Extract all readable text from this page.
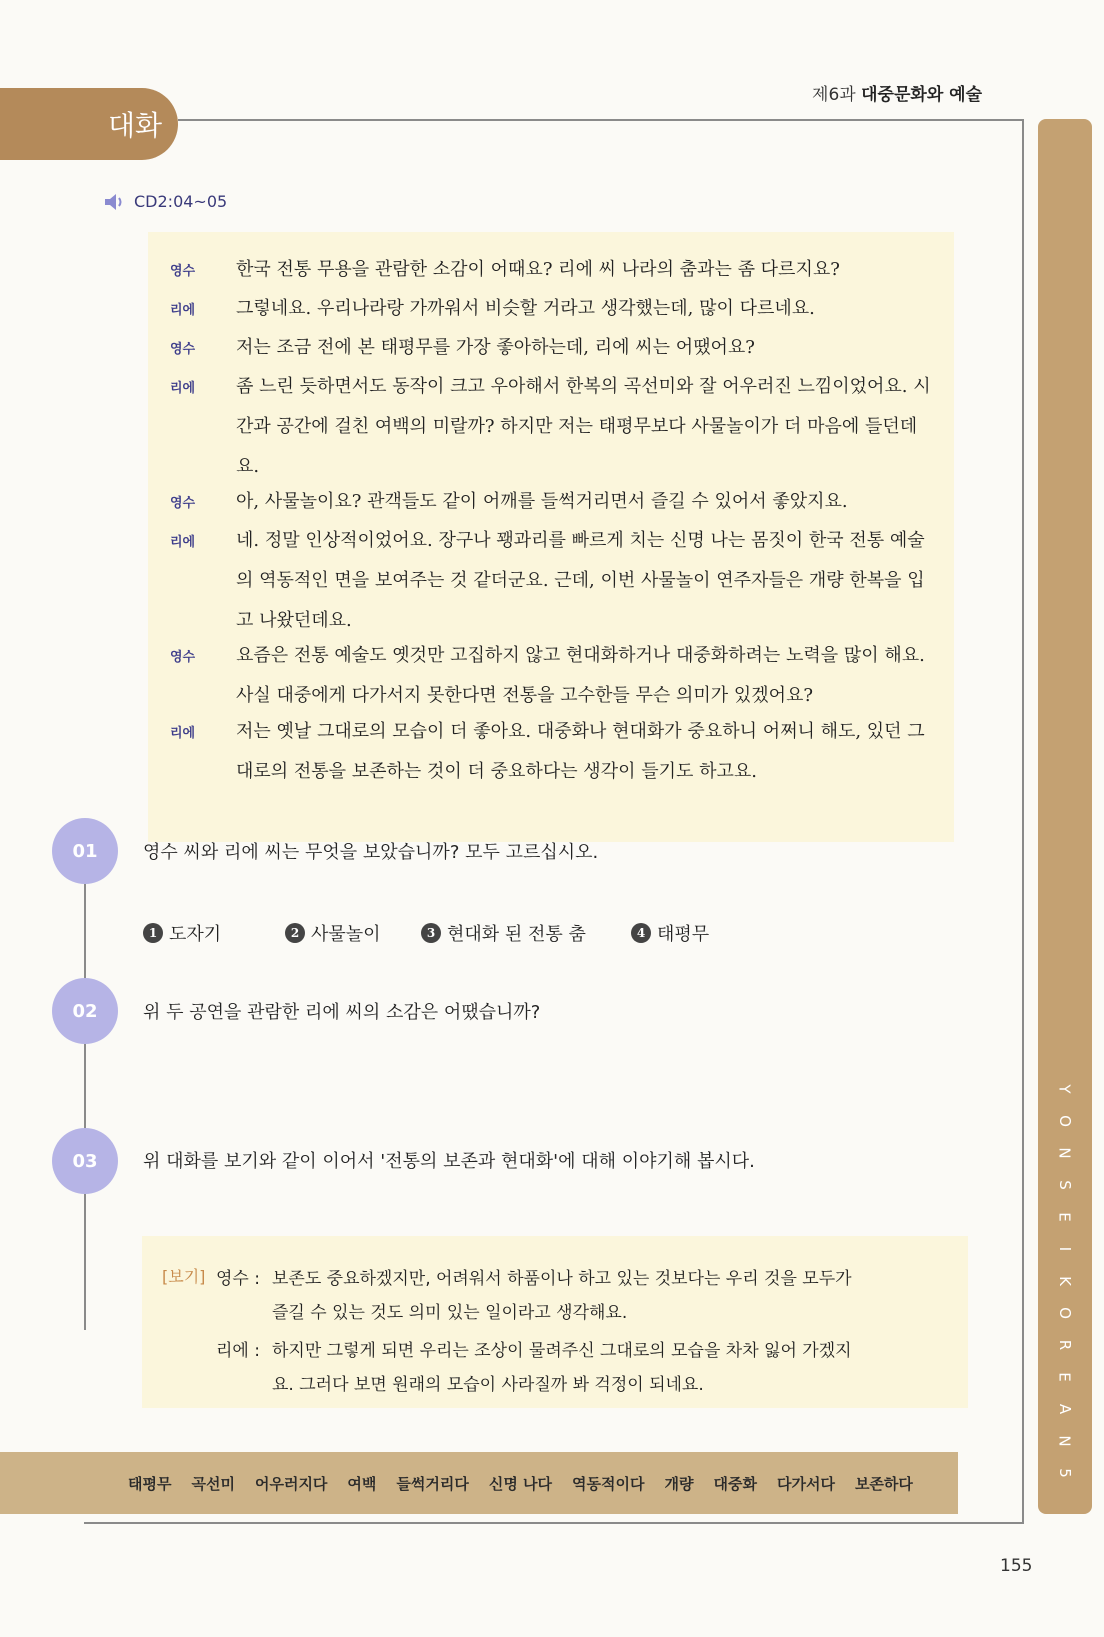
제6과 대중문화와 예술
대화
CD2:04~05
영수 한국 전통 무용을 관람한 소감이 어때요? 리에 씨 나라의 춤과는 좀 다르지요?
리에 그렇네요. 우리나라랑 가까워서 비슷할 거라고 생각했는데, 많이 다르네요.
영수 저는 조금 전에 본 태평무를 가장 좋아하는데, 리에 씨는 어땠어요?
리에 좀 느린 듯하면서도 동작이 크고 우아해서 한복의 곡선미와 잘 어우러진 느낌이었어요. 시간과 공간에 걸친 여백의 미랄까? 하지만 저는 태평무보다 사물놀이가 더 마음에 들던데요.
영수 아, 사물놀이요? 관객들도 같이 어깨를 들썩거리면서 즐길 수 있어서 좋았지요.
리에 네. 정말 인상적이었어요. 장구나 꽹과리를 빠르게 치는 신명 나는 몸짓이 한국 전통 예술의 역동적인 면을 보여주는 것 같더군요. 근데, 이번 사물놀이 연주자들은 개량 한복을 입고 나왔던데요.
영수 요즘은 전통 예술도 옛것만 고집하지 않고 현대화하거나 대중화하려는 노력을 많이 해요. 사실 대중에게 다가서지 못한다면 전통을 고수한들 무슨 의미가 있겠어요?
리에 저는 옛날 그대로의 모습이 더 좋아요. 대중화나 현대화가 중요하니 어쩌니 해도, 있던 그대로의 전통을 보존하는 것이 더 중요하다는 생각이 들기도 하고요.
01	영수 씨와 리에 씨는 무엇을 보았습니까? 모두 고르십시오.
1 도자기	2 사물놀이	3 현대화 된 전통 춤	4 태평무
02	위 두 공연을 관람한 리에 씨의 소감은 어땠습니까?
03	위 대화를 보기와 같이 이어서 '전통의 보존과 현대화'에 대해 이야기해 봅시다.
[보기] 영수 : 보존도 중요하겠지만, 어려워서 하품이나 하고 있는 것보다는 우리 것을 모두가
즐길 수 있는 것도 의미 있는 일이라고 생각해요.
리에 : 하지만 그렇게 되면 우리는 조상이 물려주신 그대로의 모습을 차차 잃어 가겠지
요. 그러다 보면 원래의 모습이 사라질까 봐 걱정이 되네요.
태평무 곡선미 어우러지다 여백 들썩거리다 신명 나다 역동적이다 개량 대중화 다가서다 보존하다
Y
O
N
S
E
I
K
O
R
E
A
N
5
155
